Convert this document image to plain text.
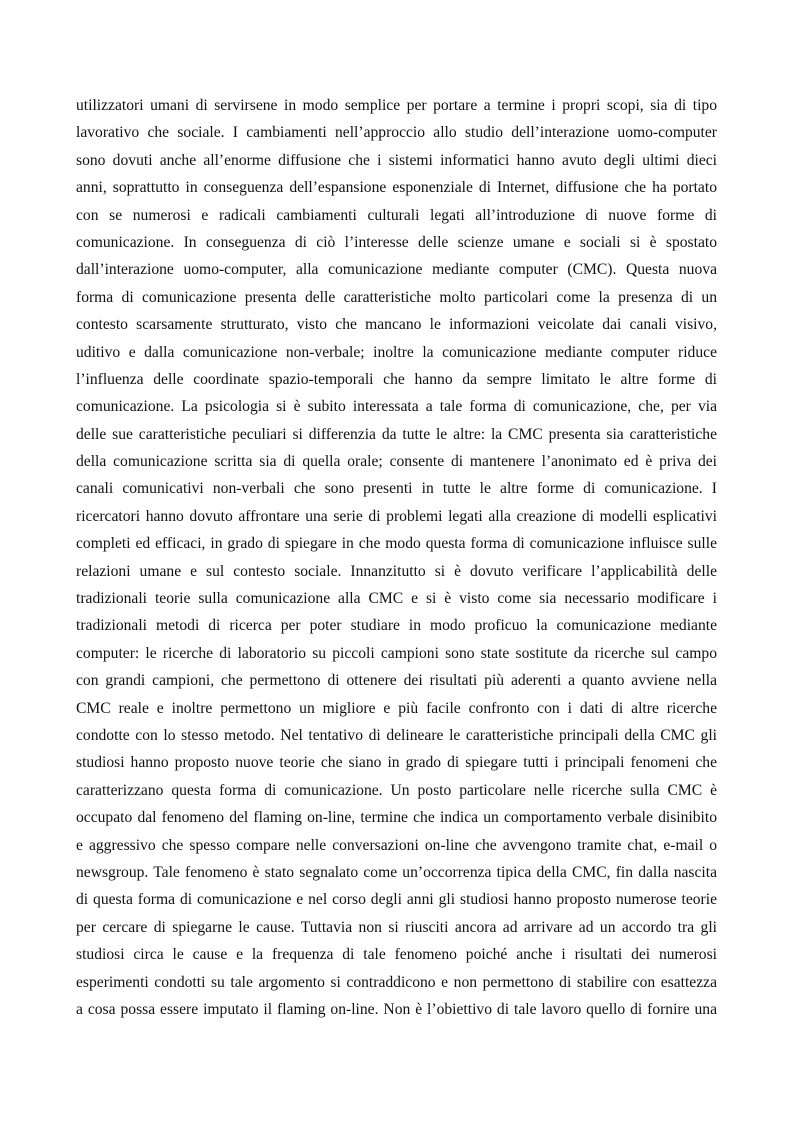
utilizzatori umani di servirsene in modo semplice per portare a termine i propri scopi, sia di tipo
lavorativo che sociale. I cambiamenti nell’approccio allo studio dell’interazione uomo-computer
sono dovuti anche all’enorme diffusione che i sistemi informatici hanno avuto degli ultimi dieci
anni, soprattutto in conseguenza dell’espansione esponenziale di Internet, diffusione che ha portato
con se numerosi e radicali cambiamenti culturali legati all’introduzione di nuove forme di
comunicazione. In conseguenza di ciò l’interesse delle scienze umane e sociali si è spostato
dall’interazione uomo-computer, alla comunicazione mediante computer (CMC). Questa nuova
forma di comunicazione presenta delle caratteristiche molto particolari come la presenza di un
contesto scarsamente strutturato, visto che mancano le informazioni veicolate dai canali visivo,
uditivo e dalla comunicazione non-verbale; inoltre la comunicazione mediante computer riduce
l’influenza delle coordinate spazio-temporali che hanno da sempre limitato le altre forme di
comunicazione. La psicologia si è subito interessata a tale forma di comunicazione, che, per via
delle sue caratteristiche peculiari si differenzia da tutte le altre: la CMC presenta sia caratteristiche
della comunicazione scritta sia di quella orale; consente di mantenere l’anonimato ed è priva dei
canali comunicativi non-verbali che sono presenti in tutte le altre forme di comunicazione. I
ricercatori hanno dovuto affrontare una serie di problemi legati alla creazione di modelli esplicativi
completi ed efficaci, in grado di spiegare in che modo questa forma di comunicazione influisce sulle
relazioni umane e sul contesto sociale. Innanzitutto si è dovuto verificare l’applicabilità delle
tradizionali teorie sulla comunicazione alla CMC e si è visto come sia necessario modificare i
tradizionali metodi di ricerca per poter studiare in modo proficuo la comunicazione mediante
computer: le ricerche di laboratorio su piccoli campioni sono state sostitute da ricerche sul campo
con grandi campioni, che permettono di ottenere dei risultati più aderenti a quanto avviene nella
CMC reale e inoltre permettono un migliore e più facile confronto con i dati di altre ricerche
condotte con lo stesso metodo. Nel tentativo di delineare le caratteristiche principali della CMC gli
studiosi hanno proposto nuove teorie che siano in grado di spiegare tutti i principali fenomeni che
caratterizzano questa forma di comunicazione. Un posto particolare nelle ricerche sulla CMC è
occupato dal fenomeno del flaming on-line, termine che indica un comportamento verbale disinibito
e aggressivo che spesso compare nelle conversazioni on-line che avvengono tramite chat, e-mail o
newsgroup. Tale fenomeno è stato segnalato come un’occorrenza tipica della CMC, fin dalla nascita
di questa forma di comunicazione e nel corso degli anni gli studiosi hanno proposto numerose teorie
per cercare di spiegarne le cause. Tuttavia non si riusciti ancora ad arrivare ad un accordo tra gli
studiosi circa le cause e la frequenza di tale fenomeno poiché anche i risultati dei numerosi
esperimenti condotti su tale argomento si contraddicono e non permettono di stabilire con esattezza
a cosa possa essere imputato il flaming on-line. Non è l’obiettivo di tale lavoro quello di fornire una
